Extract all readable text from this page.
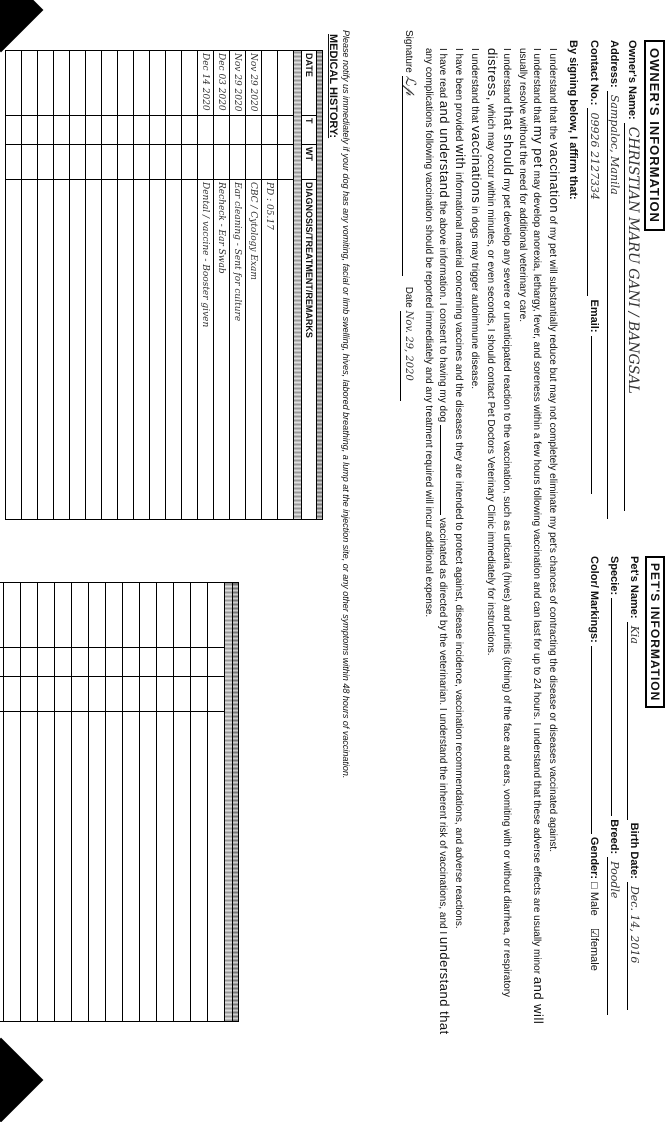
OWNER'S INFORMATION
PET'S INFORMATION
Owner's Name: CHRISTIAN MARU GANI / BANGSAL
Address: Sampaloc, Manila
Contact No.: 09926 2127334 Email:
By signing below, I affirm that:
Pet's Name: Kia Birth Date: Dec. 14, 2016
Specie:  Breed: Poodle
Color/ Markings:  Gender: □ Male    ☑female

I understand that the vaccination of my pet will substantially reduce but may not completely eliminate my pet's chances of contracting the disease or diseases vaccinated against.

I understand that my pet may develop anorexia, lethargy, fever, and soreness within a few hours following vaccination and can last for up to 24 hours. I understand that these adverse effects are usually minor and will usually resolve without the need for additional veterinary care.

I understand that should my pet develop any severe or unanticipated reaction to the vaccination, such as urticaria (hives) and pruritis (itching) of the face and ears, vomiting with or without diarrhea, or respiratory distress, which may occur within minutes, or even seconds, I should contact Pet Doctors Veterinary Clinic immediately for instructions.

I understand that vaccinations in dogs may trigger autoimmune disease.

I have been provided with informational material concerning vaccines and the diseases they are intended to protect against, disease incidence, vaccination recommendations, and adverse reactions.

I have read and understand the above information. I consent to having my dog  vaccinated as directed by the veterinarian. I understand the inherent risk of vaccinations, and I understand that any complications following vaccination should be reported immediately and any treatment required will incur additional expense.

Signature ℒ𝓅    Date Nov. 29, 2020

Please notify us immediately if your dog has any vomiting, facial or limb swelling, hives, labored breathing, a lump at the injection site, or any other symptoms within 48 hours of vaccination.
MEDICAL HISTORY:

DATE	T	WT	DIAGNOSIS/TREATMENT/REMARKS

			PD : 05.17
Nov 29 2020			CBC / Cytology Exam
Nov 29 2020			Ear cleaning - Sent for culture
Dec 03 2020			Recheck - Ear Swab
Dec 14 2020			Dental / vaccine - Booster given
